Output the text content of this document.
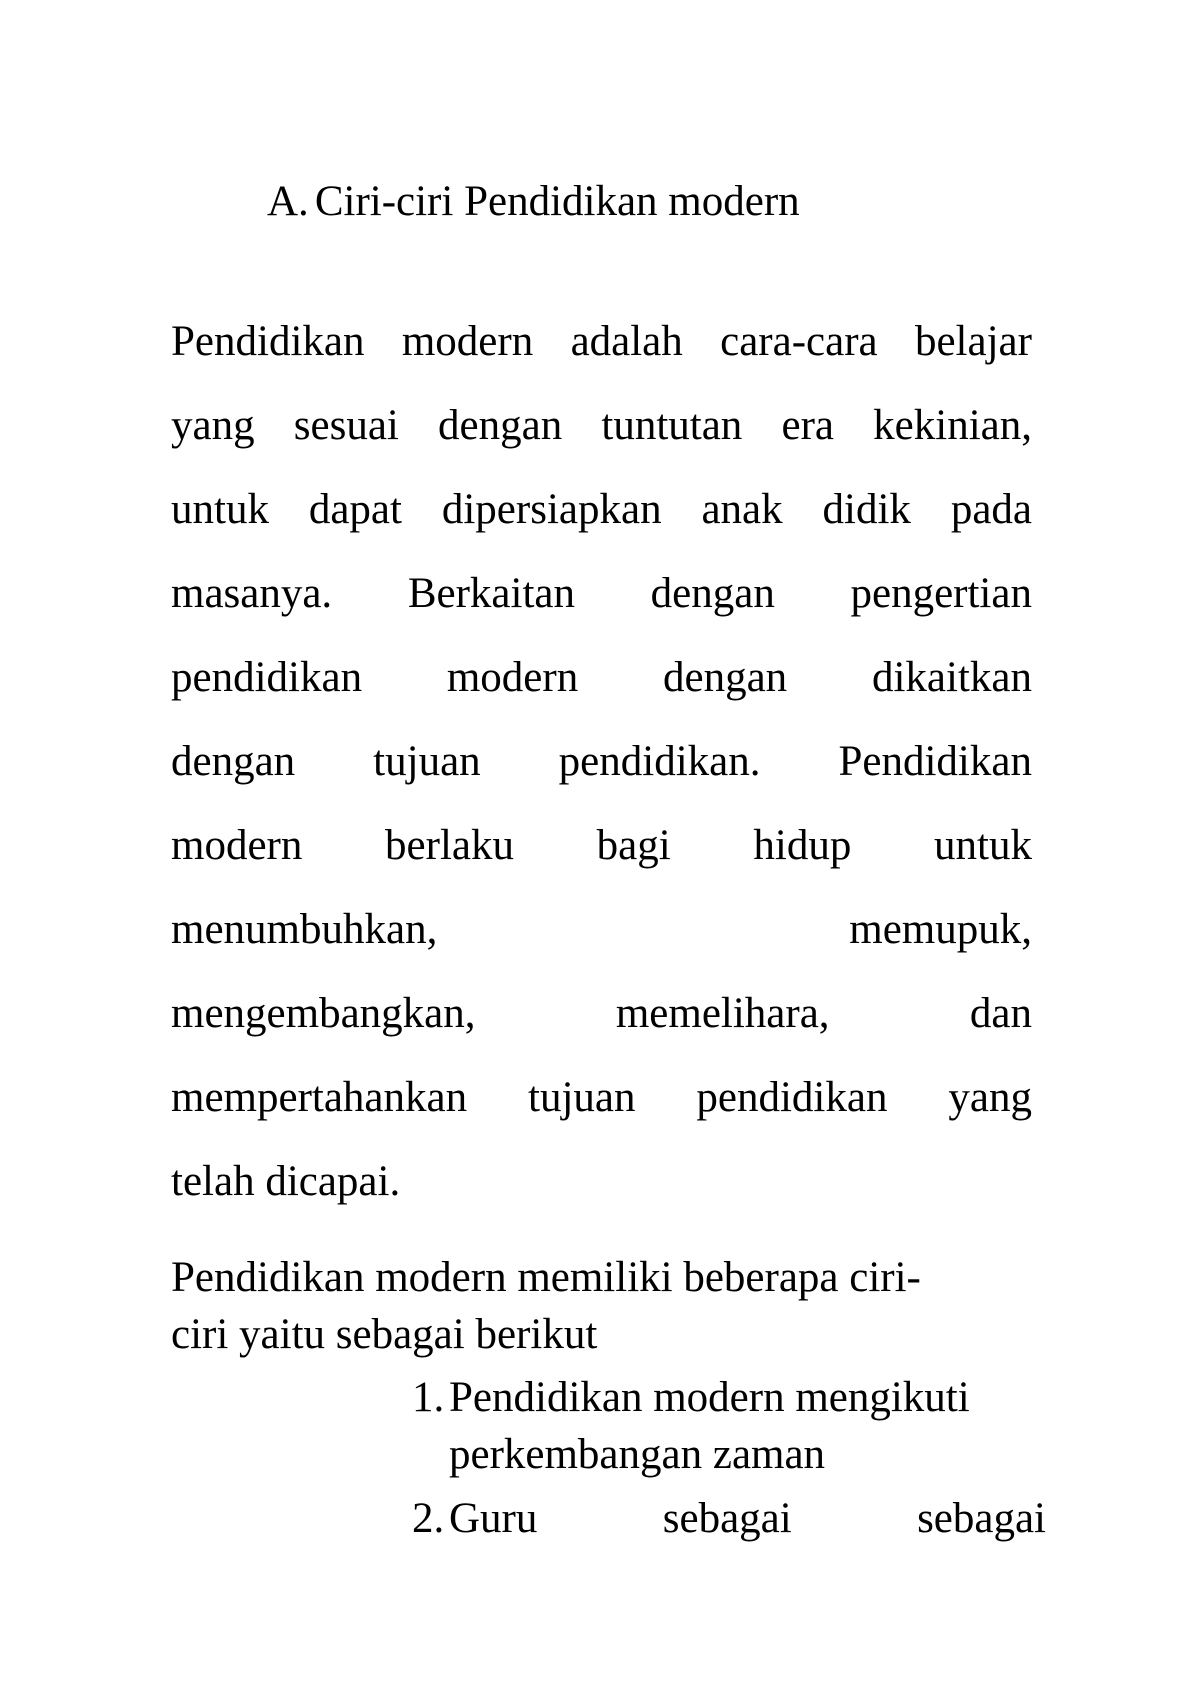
A. Ciri-ciri Pendidikan modern
Pendidikan modern adalah cara-cara belajar
yang sesuai dengan tuntutan era kekinian,
untuk dapat dipersiapkan anak didik pada
masanya. Berkaitan dengan pengertian
pendidikan modern dengan dikaitkan
dengan tujuan pendidikan. Pendidikan
modern berlaku bagi hidup untuk
menumbuhkan,	memupuk,
mengembangkan,	memelihara,	dan
mempertahankan tujuan pendidikan yang
telah dicapai.
Pendidikan modern memiliki beberapa ciri-
ciri yaitu sebagai berikut
1. Pendidikan modern mengikuti
perkembangan zaman
2. Guru	sebagai	sebagai
